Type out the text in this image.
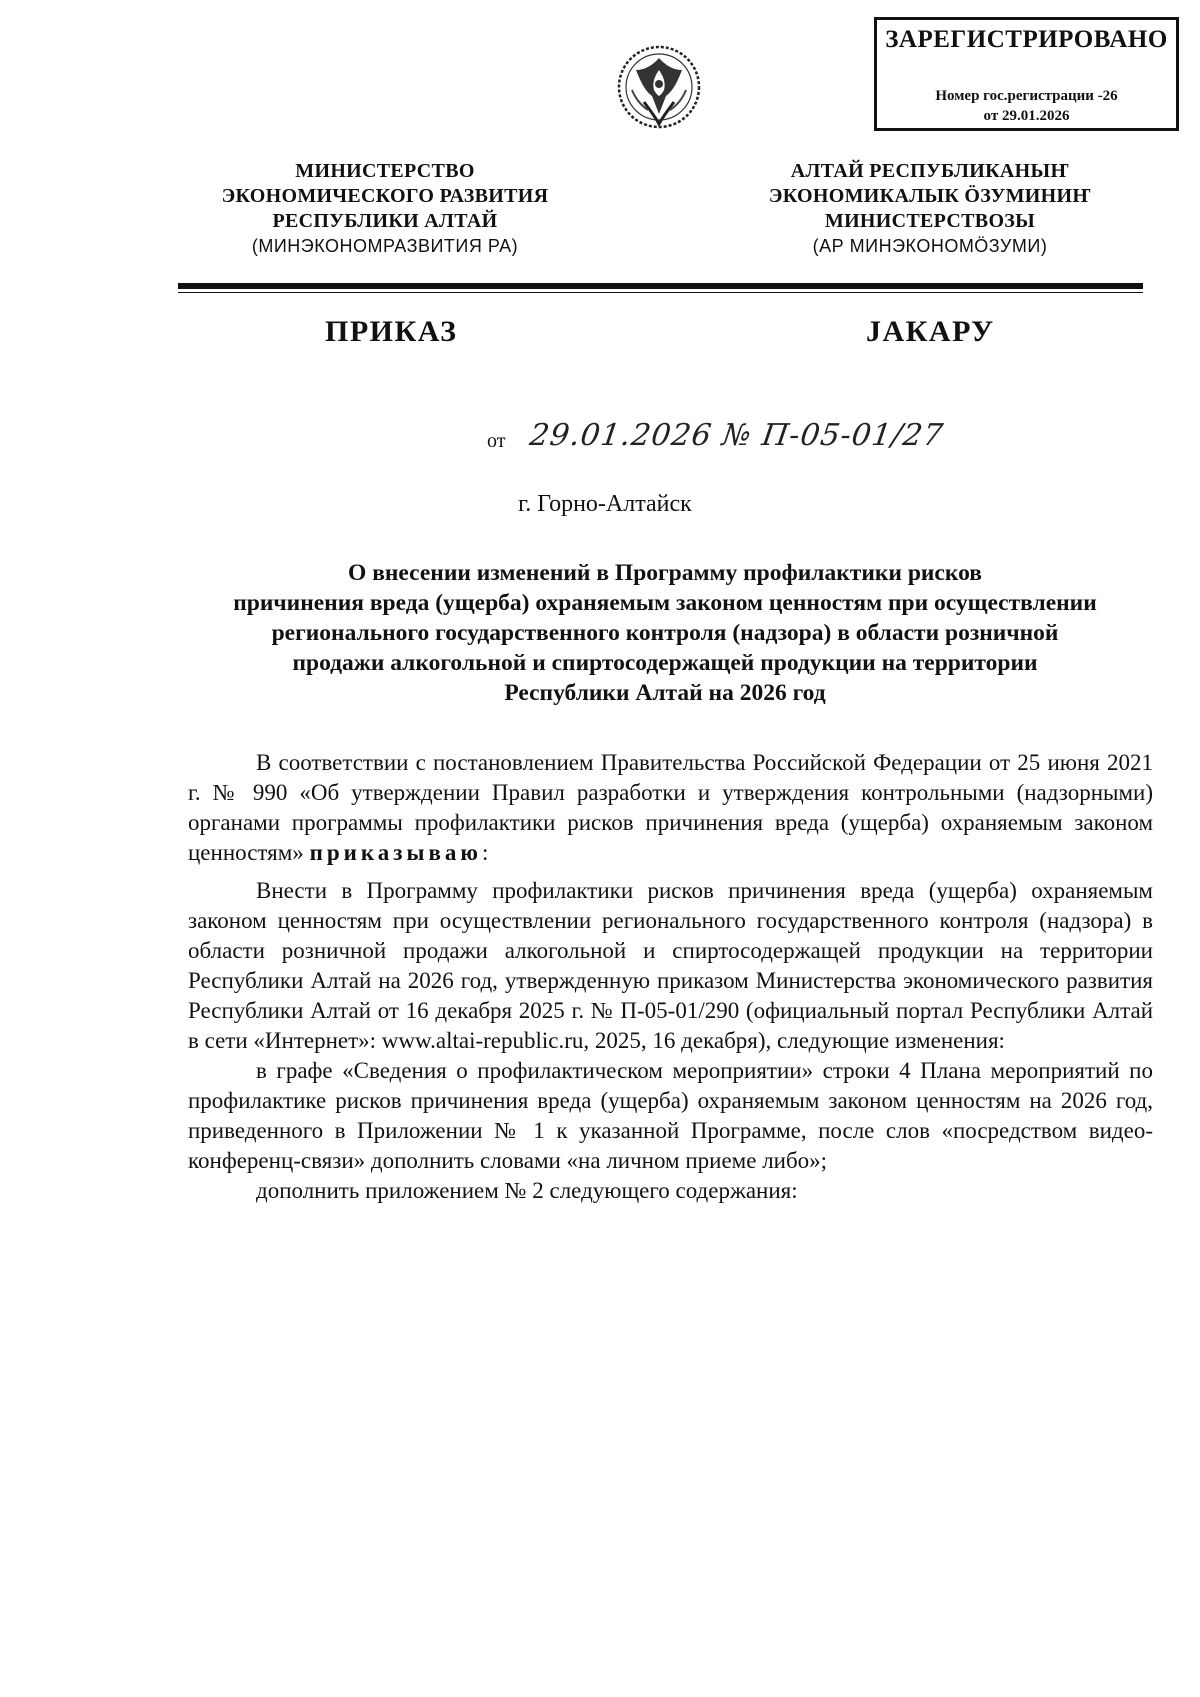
ЗАРЕГИСТРИРОВАНО
Номер гос.регистрации -26
от 29.01.2026
МИНИСТЕРСТВО
ЭКОНОМИЧЕСКОГО РАЗВИТИЯ
РЕСПУБЛИКИ АЛТАЙ
(МИНЭКОНОМРАЗВИТИЯ РА)
АЛТАЙ РЕСПУБЛИКАНЫҤ
ЭКОНОМИКАЛЫК ÖЗУМИНИҤ
МИНИСТЕРСТВОЗЫ
(АР МИНЭКОНОМÖЗУМИ)
ПРИКАЗ	JАКАРУ
от 29.01.2026 № П-05-01/27
г. Горно-Алтайск
О внесении изменений в Программу профилактики рисков
причинения вреда (ущерба) охраняемым законом ценностям при осуществлении
регионального государственного контроля (надзора) в области розничной
продажи алкогольной и спиртосодержащей продукции на территории
Республики Алтай на 2026 год

В соответствии с постановлением Правительства Российской Федерации от 25 июня 2021 г. № 990 «Об утверждении Правил разработки и утверждения контрольными (надзорными) органами программы профилактики рисков причинения вреда (ущерба) охраняемым законом ценностям» приказываю:

Внести в Программу профилактики рисков причинения вреда (ущерба) охраняемым законом ценностям при осуществлении регионального государственного контроля (надзора) в области розничной продажи алкогольной и спиртосодержащей продукции на территории Республики Алтай на 2026 год, утвержденную приказом Министерства экономического развития Республики Алтай от 16 декабря 2025 г. № П-05-01/290 (официальный портал Республики Алтай в сети «Интернет»: www.altai-republic.ru, 2025, 16 декабря), следующие изменения:

в графе «Сведения о профилактическом мероприятии» строки 4 Плана мероприятий по профилактике рисков причинения вреда (ущерба) охраняемым законом ценностям на 2026 год, приведенного в Приложении № 1 к указанной Программе, после слов «посредством видео-конференц-связи» дополнить словами «на личном приеме либо»;

дополнить приложением № 2 следующего содержания:
